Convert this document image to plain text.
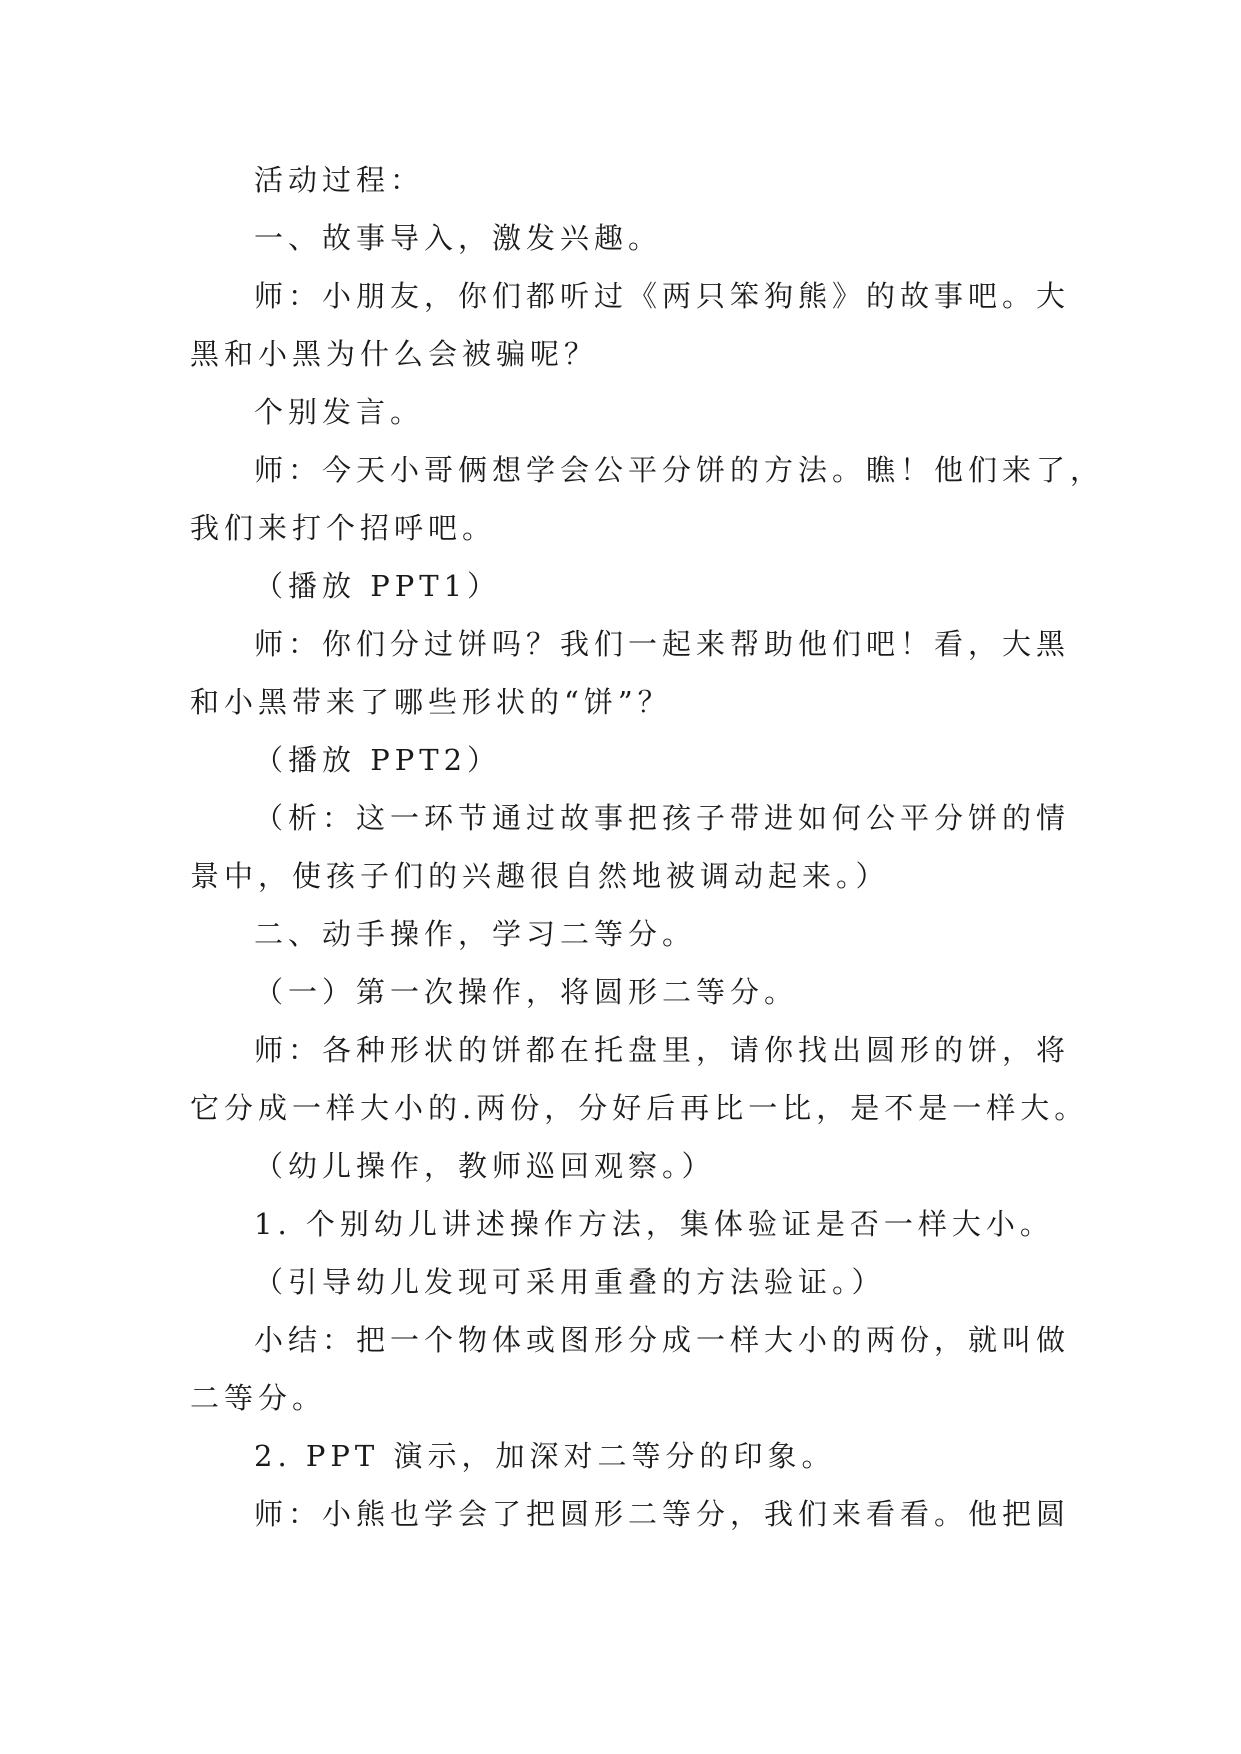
活动过程：
一、故事导入，激发兴趣。
师：小朋友，你们都听过《两只笨狗熊》的故事吧。大
黑和小黑为什么会被骗呢？
个别发言。
师：今天小哥俩想学会公平分饼的方法。瞧！他们来了，
我们来打个招呼吧。
（播放 PPT1）
师：你们分过饼吗？我们一起来帮助他们吧！看，大黑
和小黑带来了哪些形状的“饼”？
（播放 PPT2）
（析：这一环节通过故事把孩子带进如何公平分饼的情
景中，使孩子们的兴趣很自然地被调动起来。）
二、动手操作，学习二等分。
（一）第一次操作，将圆形二等分。
师：各种形状的饼都在托盘里，请你找出圆形的饼，将
它分成一样大小的.两份，分好后再比一比，是不是一样大。
（幼儿操作，教师巡回观察。）
1. 个别幼儿讲述操作方法，集体验证是否一样大小。
（引导幼儿发现可采用重叠的方法验证。）
小结：把一个物体或图形分成一样大小的两份，就叫做
二等分。
2. PPT 演示，加深对二等分的印象。
师：小熊也学会了把圆形二等分，我们来看看。他把圆
